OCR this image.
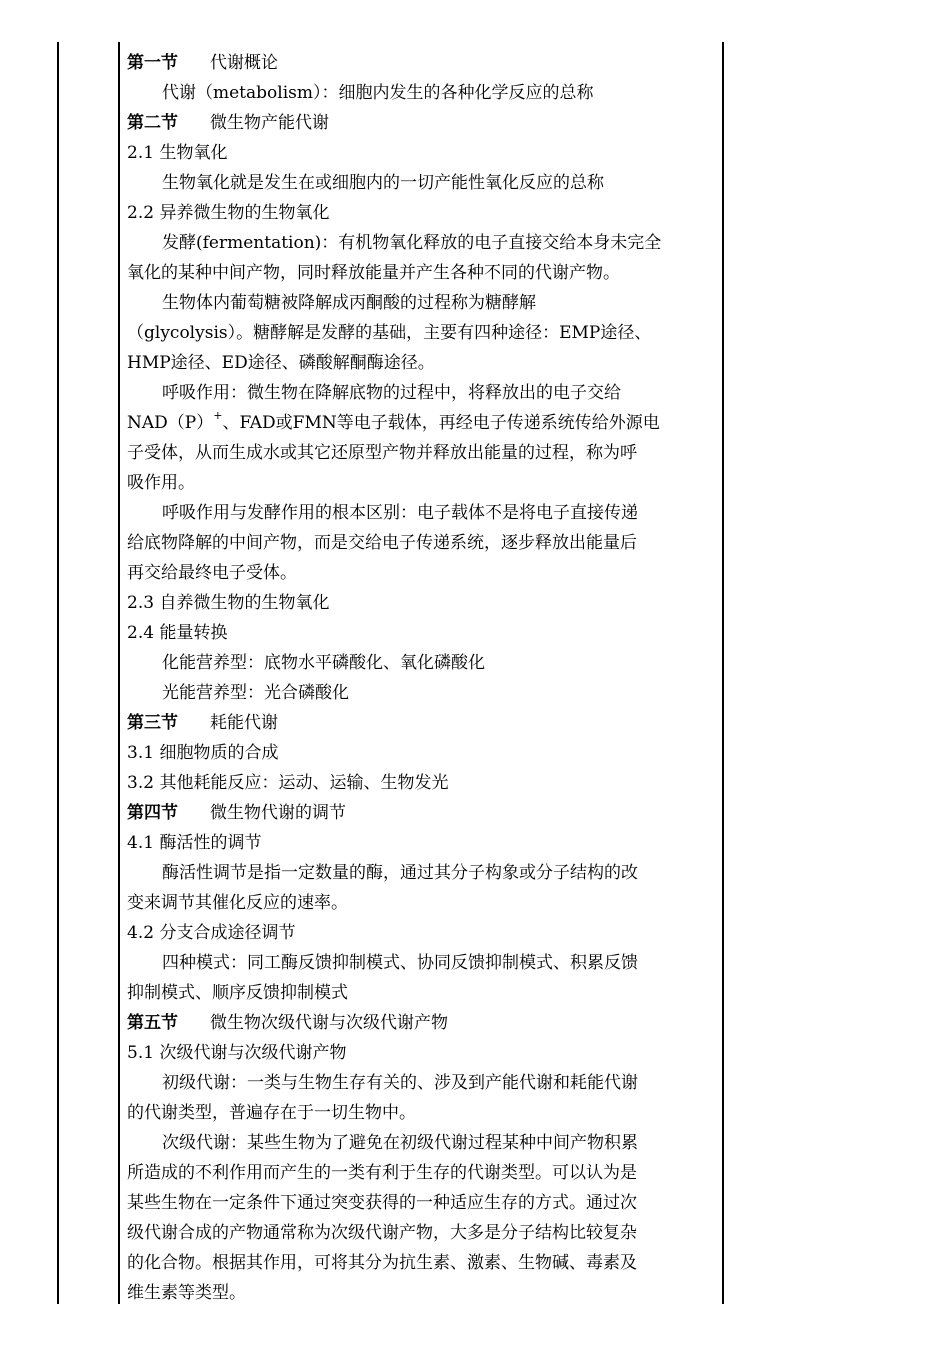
第一节 代谢概论
代谢（metabolism）：细胞内发生的各种化学反应的总称
第二节 微生物产能代谢
2.1 生物氧化
生物氧化就是发生在或细胞内的一切产能性氧化反应的总称
2.2 异养微生物的生物氧化
发酵(fermentation)：有机物氧化释放的电子直接交给本身未完全
氧化的某种中间产物，同时释放能量并产生各种不同的代谢产物。
生物体内葡萄糖被降解成丙酮酸的过程称为糖酵解
（glycolysis）。糖酵解是发酵的基础，主要有四种途径：EMP途径、
HMP途径、ED途径、磷酸解酮酶途径。
呼吸作用：微生物在降解底物的过程中，将释放出的电子交给
NAD（P）+、FAD或FMN等电子载体，再经电子传递系统传给外源电
子受体，从而生成水或其它还原型产物并释放出能量的过程，称为呼
吸作用。
呼吸作用与发酵作用的根本区别：电子载体不是将电子直接传递
给底物降解的中间产物，而是交给电子传递系统，逐步释放出能量后
再交给最终电子受体。
2.3 自养微生物的生物氧化
2.4 能量转换
化能营养型：底物水平磷酸化、氧化磷酸化
光能营养型：光合磷酸化
第三节 耗能代谢
3.1 细胞物质的合成
3.2 其他耗能反应：运动、运输、生物发光
第四节 微生物代谢的调节
4.1 酶活性的调节
酶活性调节是指一定数量的酶，通过其分子构象或分子结构的改
变来调节其催化反应的速率。
4.2 分支合成途径调节
四种模式：同工酶反馈抑制模式、协同反馈抑制模式、积累反馈
抑制模式、顺序反馈抑制模式
第五节 微生物次级代谢与次级代谢产物
5.1 次级代谢与次级代谢产物
初级代谢：一类与生物生存有关的、涉及到产能代谢和耗能代谢
的代谢类型，普遍存在于一切生物中。
次级代谢：某些生物为了避免在初级代谢过程某种中间产物积累
所造成的不利作用而产生的一类有利于生存的代谢类型。可以认为是
某些生物在一定条件下通过突变获得的一种适应生存的方式。通过次
级代谢合成的产物通常称为次级代谢产物，大多是分子结构比较复杂
的化合物。根据其作用，可将其分为抗生素、激素、生物碱、毒素及
维生素等类型。
